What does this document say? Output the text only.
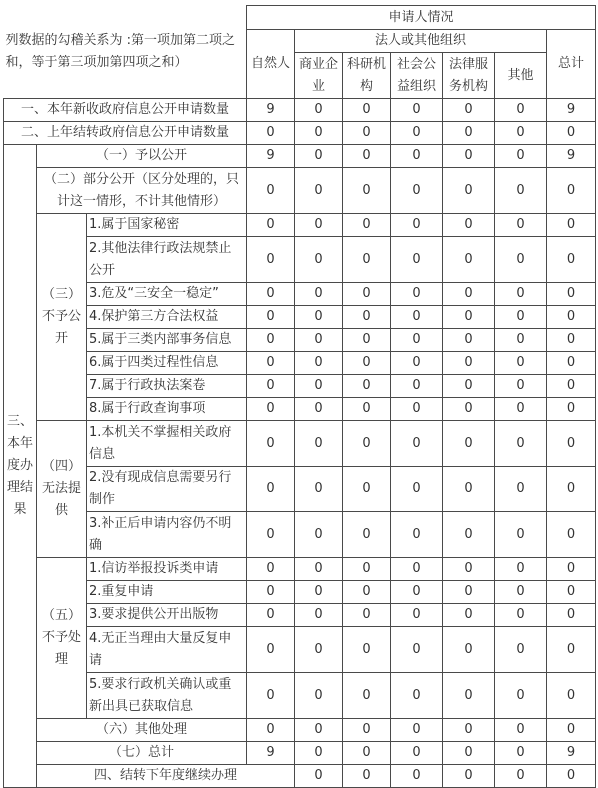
列数据的勾稽关系为 :第一项加第二项之和，等于第三项加第四项之和）			申请人情况							
			自然人	法人或其他组织					总计	
				商业企业	科研机构	社会公益组织	法律服务机构	其他		
一、本年新收政府信息公开申请数量			9	0	0	0	0	0	9	
二、上年结转政府信息公开申请数量			0	0	0	0	0	0	0	
三、本年度办理结果	（一）予以公开		9	0	0	0	0	0	9	
	（二）部分公开（区分处理的，只计这一情形，不计其他情形）		0	0	0	0	0	0	0	
	（三）不予公开	1.属于国家秘密	0	0	0	0	0	0	0	
		2.其他法律行政法规禁止公开	0	0	0	0	0	0	0	
		3.危及“三安全一稳定”	0	0	0	0	0	0	0	
		4.保护第三方合法权益	0	0	0	0	0	0	0	
		5.属于三类内部事务信息	0	0	0	0	0	0	0	
		6.属于四类过程性信息	0	0	0	0	0	0	0	
		7.属于行政执法案卷	0	0	0	0	0	0	0	
		8.属于行政查询事项	0	0	0	0	0	0	0	
	（四）无法提供	1.本机关不掌握相关政府信息	0	0	0	0	0	0	0	
		2.没有现成信息需要另行制作	0	0	0	0	0	0	0	
		3.补正后申请内容仍不明确	0	0	0	0	0	0	0	
	（五）不予处理	1.信访举报投诉类申请	0	0	0	0	0	0	0	
		2.重复申请	0	0	0	0	0	0	0	
		3.要求提供公开出版物	0	0	0	0	0	0	0	
		4.无正当理由大量反复申请	0	0	0	0	0	0	0	
		5.要求行政机关确认或重新出具已获取信息	0	0	0	0	0	0	0	
	（六）其他处理		0	0	0	0	0	0	0	
	（七）总计		9	0	0	0	0	0	9	
	四、结转下年度继续办理			0	0	0	0	0	0	
